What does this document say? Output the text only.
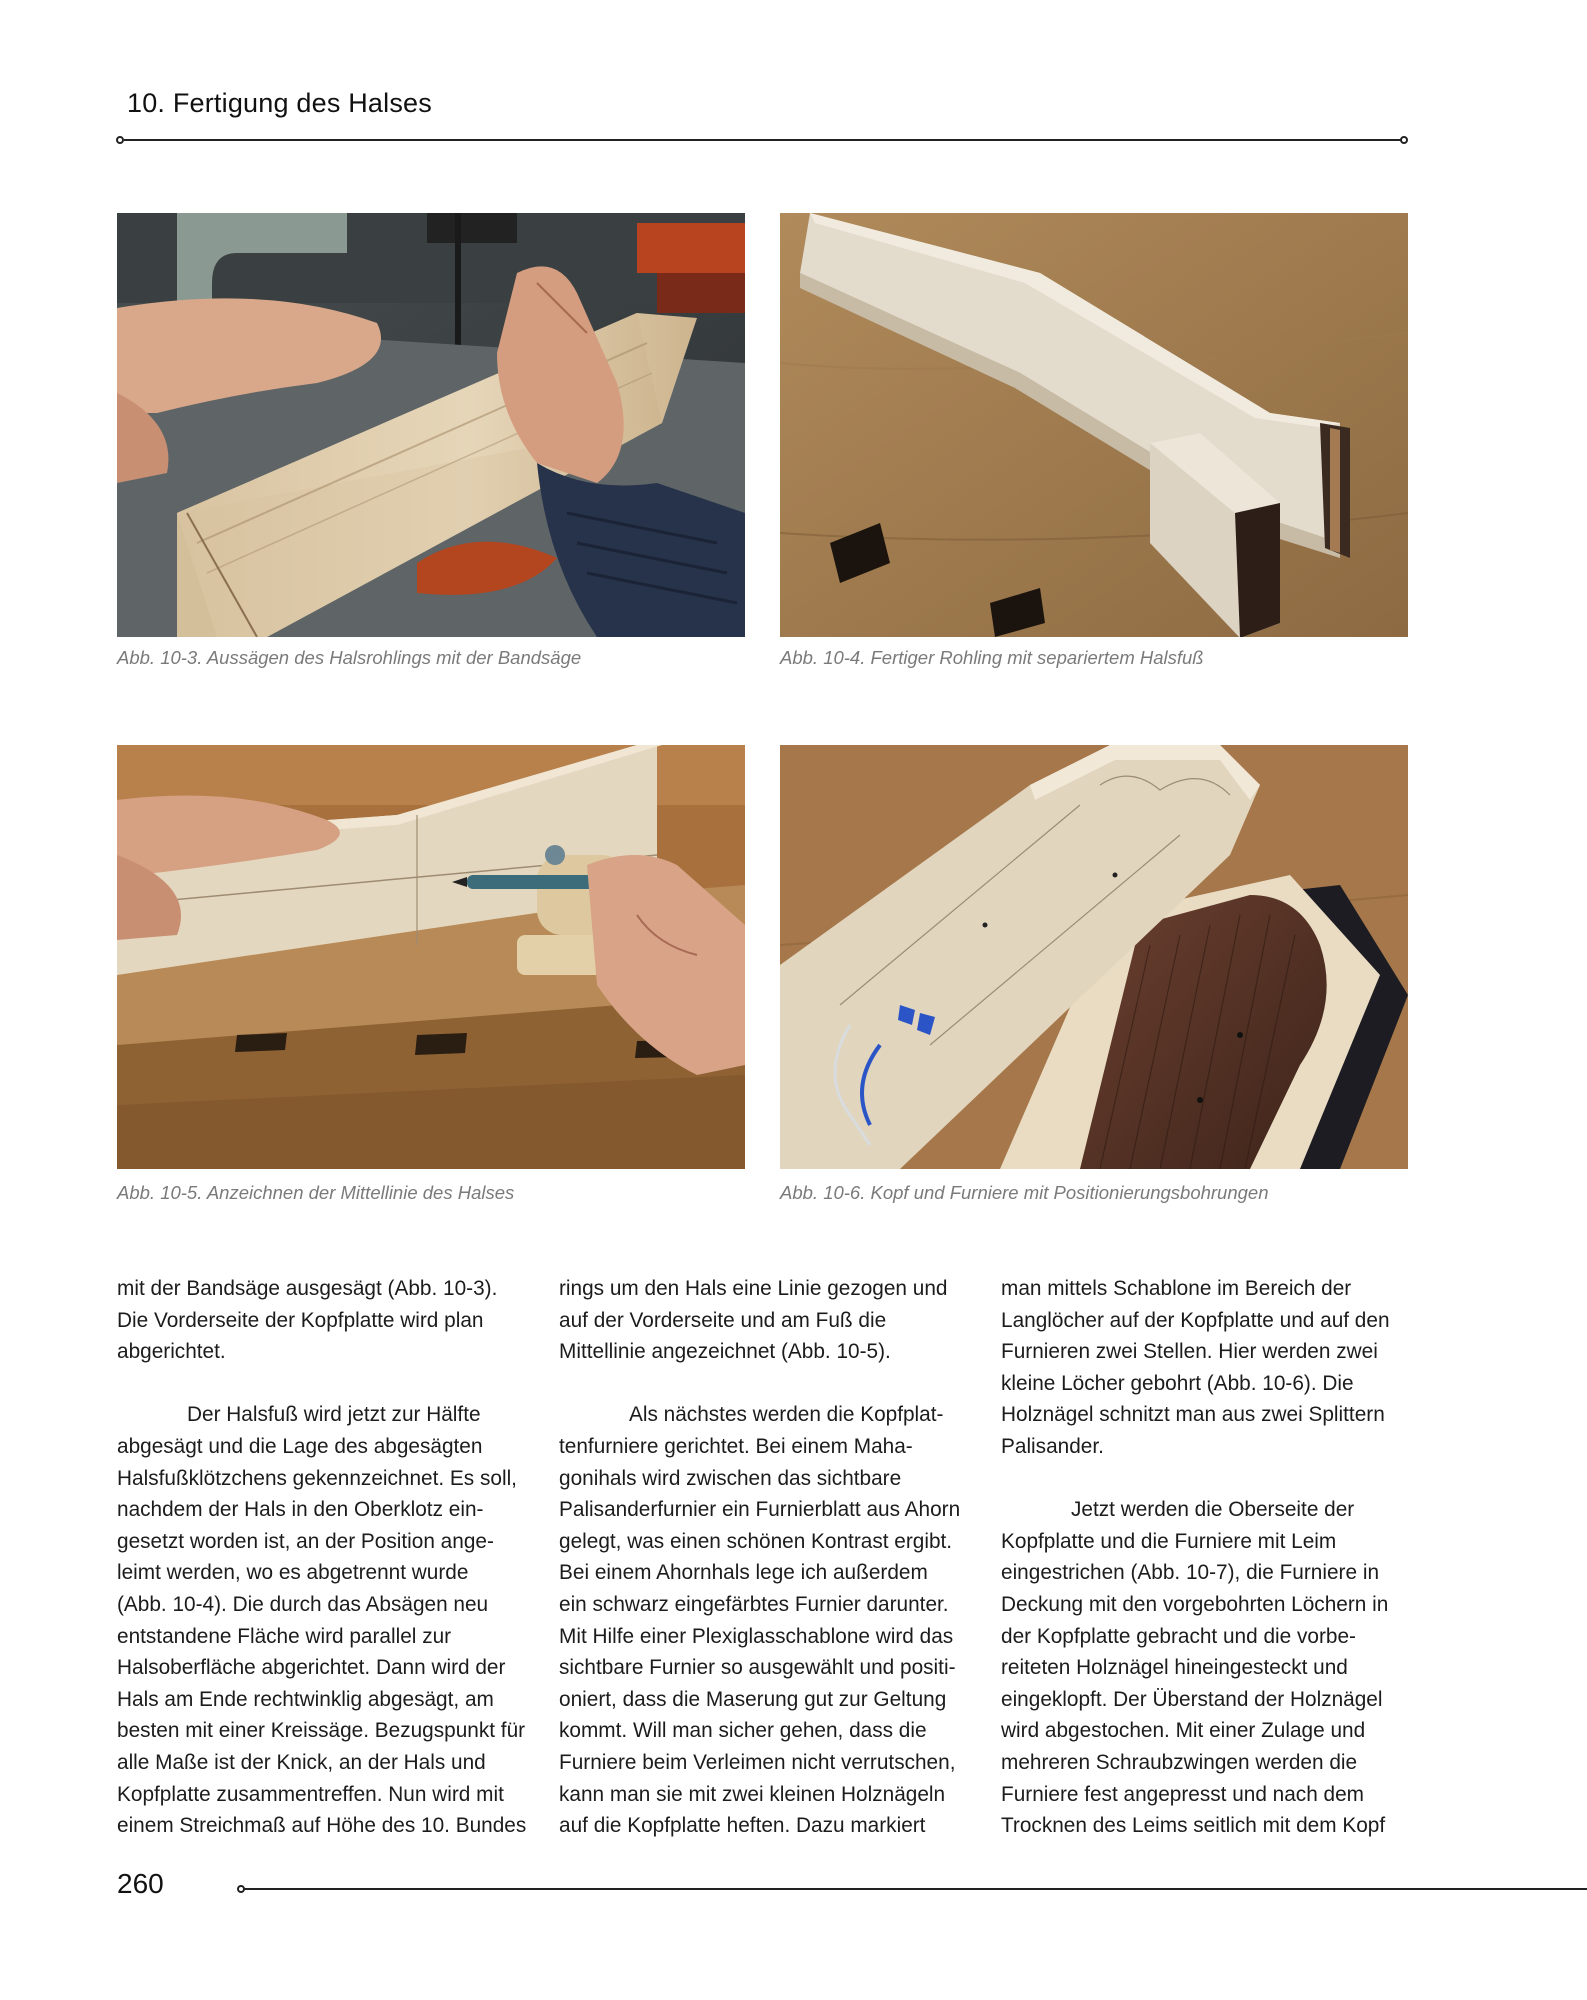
10. Fertigung des Halses
Abb. 10-3. Aussägen des Halsrohlings mit der Bandsäge	Abb. 10-4. Fertiger Rohling mit separiertem Halsfuß
Abb. 10-5. Anzeichnen der Mittellinie des Halses	Abb. 10-6. Kopf und Furniere mit Positionierungsbohrungen

mit der Bandsäge ausgesägt (Abb. 10-3).
Die Vorderseite der Kopfplatte wird plan
abgerichtet.

Der Halsfuß wird jetzt zur Hälfte
abgesägt und die Lage des abgesägten
Halsfußklötzchens gekennzeichnet. Es soll,
nachdem der Hals in den Oberklotz ein-
gesetzt worden ist, an der Position ange-
leimt werden, wo es abgetrennt wurde
(Abb. 10-4). Die durch das Absägen neu
entstandene Fläche wird parallel zur
Halsoberfläche abgerichtet. Dann wird der
Hals am Ende rechtwinklig abgesägt, am
besten mit einer Kreissäge. Bezugspunkt für
alle Maße ist der Knick, an der Hals und
Kopfplatte zusammentreffen. Nun wird mit
einem Streichmaß auf Höhe des 10. Bundes

rings um den Hals eine Linie gezogen und
auf der Vorderseite und am Fuß die
Mittellinie angezeichnet (Abb. 10-5).

Als nächstes werden die Kopfplat-
tenfurniere gerichtet. Bei einem Maha-
gonihals wird zwischen das sichtbare
Palisanderfurnier ein Furnierblatt aus Ahorn
gelegt, was einen schönen Kontrast ergibt.
Bei einem Ahornhals lege ich außerdem
ein schwarz eingefärbtes Furnier darunter.
Mit Hilfe einer Plexiglasschablone wird das
sichtbare Furnier so ausgewählt und positi-
oniert, dass die Maserung gut zur Geltung
kommt. Will man sicher gehen, dass die
Furniere beim Verleimen nicht verrutschen,
kann man sie mit zwei kleinen Holznägeln
auf die Kopfplatte heften. Dazu markiert

man mittels Schablone im Bereich der
Langlöcher auf der Kopfplatte und auf den
Furnieren zwei Stellen. Hier werden zwei
kleine Löcher gebohrt (Abb. 10-6). Die
Holznägel schnitzt man aus zwei Splittern
Palisander.

Jetzt werden die Oberseite der
Kopfplatte und die Furniere mit Leim
eingestrichen (Abb. 10-7), die Furniere in
Deckung mit den vorgebohrten Löchern in
der Kopfplatte gebracht und die vorbe-
reiteten Holznägel hineingesteckt und
eingeklopft. Der Überstand der Holznägel
wird abgestochen. Mit einer Zulage und
mehreren Schraubzwingen werden die
Furniere fest angepresst und nach dem
Trocknen des Leims seitlich mit dem Kopf

260
